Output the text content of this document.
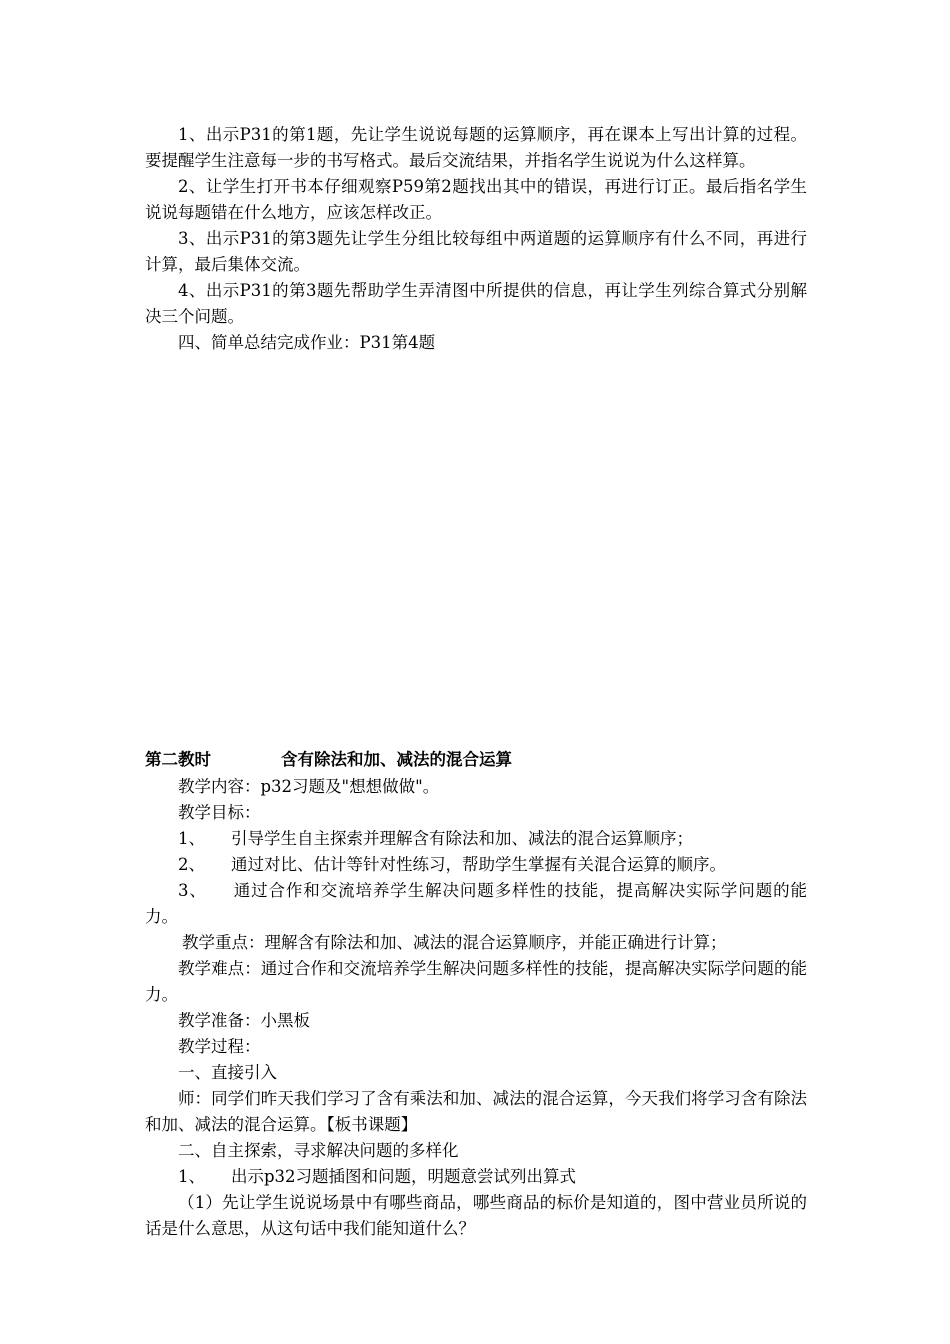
1、出示P31的第1题，先让学生说说每题的运算顺序，再在课本上写出计算的过程。要提醒学生注意每一步的书写格式。最后交流结果，并指名学生说说为什么这样算。

2、让学生打开书本仔细观察P59第2题找出其中的错误，再进行订正。最后指名学生说说每题错在什么地方，应该怎样改正。

3、出示P31的第3题先让学生分组比较每组中两道题的运算顺序有什么不同，再进行计算，最后集体交流。

4、出示P31的第3题先帮助学生弄清图中所提供的信息，再让学生列综合算式分别解决三个问题。

四、简单总结完成作业：P31第4题

第二教时	含有除法和加、减法的混合运算

教学内容：p32习题及"想想做做"。

教学目标：

1、 引导学生自主探索并理解含有除法和加、减法的混合运算顺序；

2、 通过对比、估计等针对性练习，帮助学生掌握有关混合运算的顺序。

3、 通过合作和交流培养学生解决问题多样性的技能，提高解决实际学问题的能力。

教学重点：理解含有除法和加、减法的混合运算顺序，并能正确进行计算；

教学难点：通过合作和交流培养学生解决问题多样性的技能，提高解决实际学问题的能力。

教学准备：小黑板

教学过程：

一、直接引入

师：同学们昨天我们学习了含有乘法和加、减法的混合运算，今天我们将学习含有除法和加、减法的混合运算。【板书课题】

二、自主探索，寻求解决问题的多样化

1、 出示p32习题插图和问题，明题意尝试列出算式

（1）先让学生说说场景中有哪些商品，哪些商品的标价是知道的，图中营业员所说的话是什么意思，从这句话中我们能知道什么？
